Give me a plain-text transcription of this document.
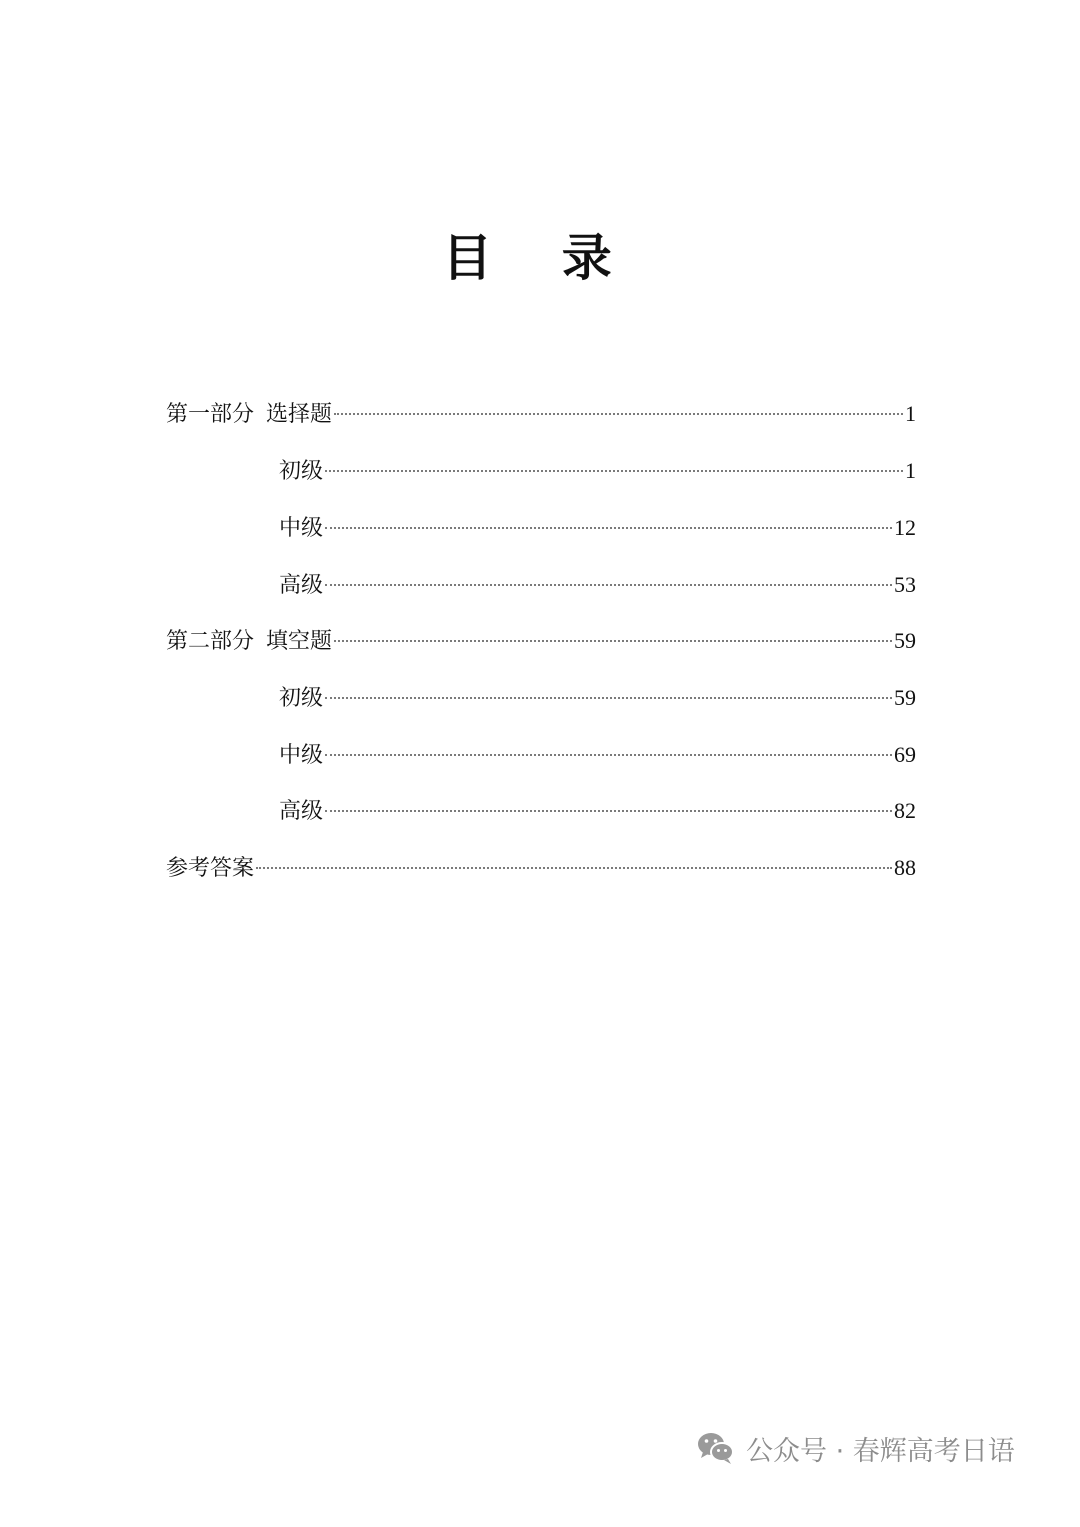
目 录
第一部分 选择题	1
初级	1
中级	12
高级	53
第二部分 填空题	59
初级	59
中级	69
高级	82
参考答案	88
公众号 · 春辉高考日语
